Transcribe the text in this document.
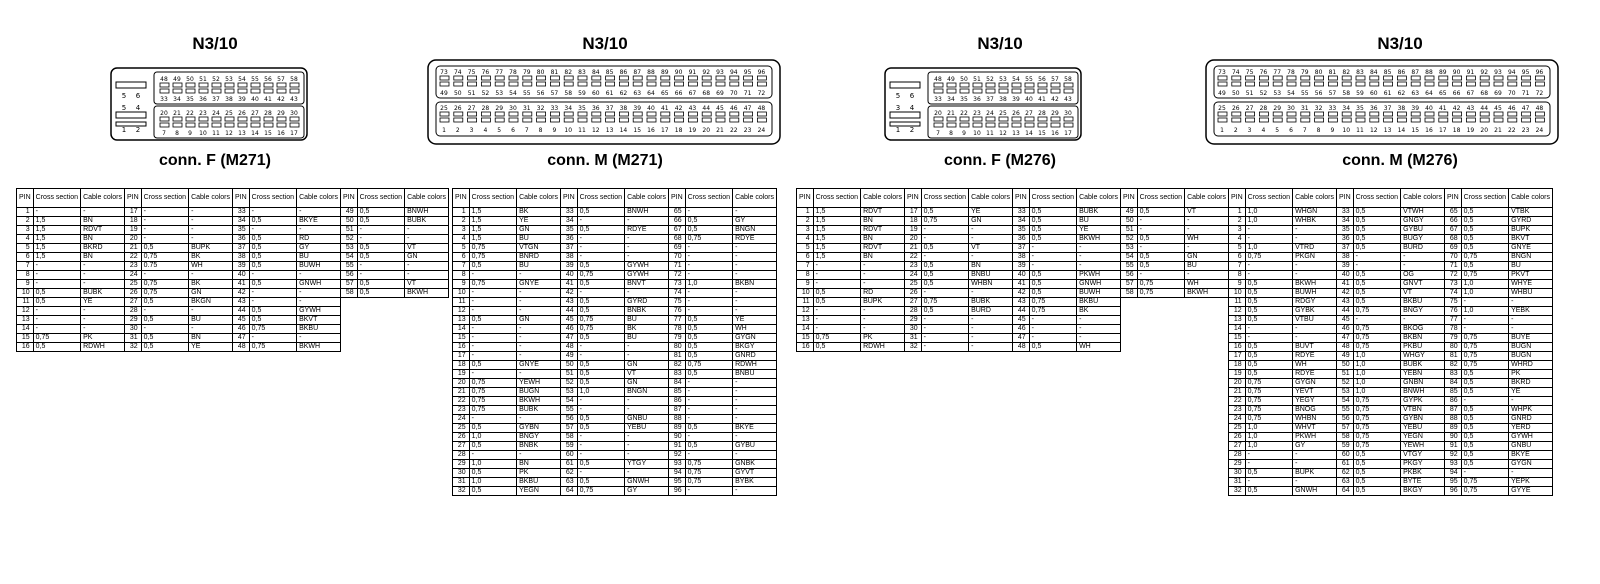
N3/10
5 6
5 4
1 2
48
33
49
34
50
35
51
36
52
37
53
38
54
39
55
40
56
41
57
42
58
43
20
7
21
8
22
9
23
10
24
11
25
12
26
13
27
14
28
15
29
16
30
17
conn. F (M271)
PIN	Cross section	Cable colors	PIN	Cross section	Cable colors	PIN	Cross section	Cable colors	PIN	Cross section	Cable colors
1	-	-	17	-	-	33	-	-	49	0,5	BNWH
2	1,5	BN	18	-	-	34	0,5	BKYE	50	0,5	BUBK
3	1,5	RDVT	19	-	-	35	-	-	51	-	-
4	1,5	BN	20	-	-	36	0,5	RD	52	-	-
5	1,5	BKRD	21	0,5	BUPK	37	0,5	GY	53	0,5	VT
6	1,5	BN	22	0,75	BK	38	0,5	BU	54	0,5	GN
7	-	-	23	0.75	WH	39	0,5	BUWH	55	-	-
8	-	-	24	-	-	40	-	-	56	-	-
9	-	-	25	0,75	BK	41	0,5	GNWH	57	0,5	VT
10	0,5	BUBK	26	0,75	GN	42	-	-	58	0,5	BKWH
11	0,5	YE	27	0,5	BKGN	43	-	-			
12	-	-	28	-	-	44	0,5	GYWH			
13	-	-	29	0,5	BU	45	0,5	BKVT			
14	-	-	30	-	-	46	0,75	BKBU			
15	0,75	PK	31	0,5	BN	47	-	-			
16	0,5	RDWH	32	0,5	YE	48	0,75	BKWH			
N3/10
73
49
25
1
74
50
26
2
75
51
27
3
76
52
28
4
77
53
29
5
78
54
30
6
79
55
31
7
80
56
32
8
81
57
33
9
82
58
34
10
83
59
35
11
84
60
36
12
85
61
37
13
86
62
38
14
87
63
39
15
88
64
40
16
89
65
41
17
90
66
42
18
91
67
43
19
92
68
44
20
93
69
45
21
94
70
46
22
95
71
47
23
96
72
48
24
conn. M (M271)
PIN	Cross section	Cable colors	PIN	Cross section	Cable colors	PIN	Cross section	Cable colors
1	1,5	BK	33	0,5	BNWH	65	-	-
2	1,5	YE	34	-	-	66	0,5	GY
3	1,5	GN	35	0,5	RDYE	67	0,5	BNGN
4	1,5	BU	36	-	-	68	0,75	RDYE
5	0,75	VTGN	37	-	-	69	-	-
6	0,75	BNRD	38	-	-	70	-	-
7	0,5	BU	39	0,5	GYWH	71	-	-
8	-	-	40	0,75	GYWH	72	-	-
9	0,75	GNYE	41	0,5	BNVT	73	1,0	BKBN
10	-	-	42	-	-	74	-	-
11	-	-	43	0,5	GYRD	75	-	-
12	-	-	44	0,5	BNBK	76	-	-
13	0,5	GN	45	0,75	BU	77	0,5	YE
14	-	-	46	0,75	BK	78	0,5	WH
15	-	-	47	0,5	BU	79	0,5	GYGN
16	-	-	48	-	-	80	0,5	BKGY
17	-	-	49	-	-	81	0,5	GNRD
18	0,5	GNYE	50	0,5	GN	82	0,75	RDWH
19	-	-	51	0,5	VT	83	0,5	BNBU
20	0,75	YEWH	52	0,5	GN	84	-	-
21	0,75	BUGN	53	1,0	BNGN	85	-	-
22	0,75	BKWH	54	-	-	86	-	-
23	0,75	BUBK	55	-	-	87	-	-
24	-	-	56	0,5	GNBU	88	-	-
25	0,5	GYBN	57	0,5	YEBU	89	0,5	BKYE
26	1,0	BNGY	58	-	-	90	-	-
27	0,5	BNBK	59	-	-	91	0,5	GYBU
28	-	-	60	-	-	92	-	-
29	1,0	BN	61	0,5	YTGY	93	0,75	GNBK
30	0,5	PK	62	-	-	94	0,75	GYVT
31	1,0	BKBU	63	0,5	GNWH	95	0,75	BYBK
32	0,5	YEGN	64	0,75	GY	96	-	-
N3/10
5 6
3 4
1 2
48
33
49
34
50
35
51
36
52
37
53
38
54
39
55
40
56
41
57
42
58
43
20
7
21
8
22
9
23
10
24
11
25
12
26
13
27
14
28
15
29
16
30
17
conn. F (M276)
PIN	Cross section	Cable colors	PIN	Cross section	Cable colors	PIN	Cross section	Cable colors	PIN	Cross section	Cable colors
1	1,5	RDVT	17	0,5	YE	33	0,5	BUBK	49	0,5	VT
2	1,5	BN	18	0,75	GN	34	0,5	BU	50	-	-
3	1,5	RDVT	19	-	-	35	0,5	YE	51	-	-
4	1,5	BN	20	-	-	36	0,5	BKWH	52	0,5	WH
5	1,5	RDVT	21	0,5	VT	37	-	-	53	-	-
6	1,5	BN	22	-	-	38	-	-	54	0,5	GN
7	-	-	23	0,5	BN	39	-	-	55	0,5	BU
8	-	-	24	0,5	BNBU	40	0,5	PKWH	56	-	-
9	-	-	25	0,5	WHBN	41	0,5	GNWH	57	0,75	WH
10	0,5	RD	26	-	-	42	0,5	BUWH	58	0,75	BKWH
11	0,5	BUPK	27	0,75	BUBK	43	0,75	BKBU			
12	-	-	28	0,5	BURD	44	0,75	BK			
13	-	-	29	-	-	45	-	-			
14	-	-	30	-	-	46	-	-			
15	0,75	PK	31	-	-	47	-	-			
16	0,5	RDWH	32	-	-	48	0,5	WH			
N3/10
73
49
25
1
74
50
26
2
75
51
27
3
76
52
28
4
77
53
29
5
78
54
30
6
79
55
31
7
80
56
32
8
81
57
33
9
82
58
34
10
83
59
35
11
84
60
36
12
85
61
37
13
86
62
38
14
87
63
39
15
88
64
40
16
89
65
41
17
90
66
42
18
91
67
43
19
92
68
44
20
93
69
45
21
94
70
46
22
95
71
47
23
96
72
48
24
conn. M (M276)
PIN	Cross section	Cable colors	PIN	Cross section	Cable colors	PIN	Cross section	Cable colors
1	1,0	WHGN	33	0,5	VTWH	65	0,5	VTBK
2	1,0	WHBK	34	0,5	GNGY	66	0,5	GYRD
3	-	-	35	0,5	GYBU	67	0,5	BUPK
4	-	-	36	0,5	BUGY	68	0,5	BKVT
5	1,0	VTRD	37	0,5	BURD	69	0,5	GNYE
6	0,75	PKGN	38	-	-	70	0,75	BNGN
7	-	-	39	-	-	71	0,5	BU
8	-	-	40	0,5	OG	72	0,75	PKVT
9	0,5	BKWH	41	0,5	GNVT	73	1,0	WHYE
10	0,5	BUWH	42	0,5	VT	74	1,0	WHBU
11	0,5	RDGY	43	0,5	BKBU	75	-	-
12	0,5	GYBK	44	0,75	BNGY	76	1,0	YEBK
13	0,5	VTBU	45	-	-	77	-	-
14	-	-	46	0,75	BKOG	78	-	-
15	-	-	47	0,75	BKBN	79	0,75	BUYE
16	0,5	BUVT	48	0,75	PKBU	80	0,75	BUGN
17	0,5	RDYE	49	1,0	WHGY	81	0,75	BUGN
18	0,5	WH	50	1,0	BUBK	82	0,75	WHRD
19	0,5	RDYE	51	1,0	YEBN	83	0,5	PK
20	0,75	GYGN	52	1,0	GNBN	84	0,5	BKRD
21	0,75	YEVT	53	1,0	BNWH	85	0,5	YE
22	0,75	YEGY	54	0,75	GYPK	86	-	-
23	0,75	BNOG	55	0,75	VTBN	87	0,5	WHPK
24	0,75	WHBN	56	0,75	GYBN	88	0,5	GNRD
25	1,0	WHVT	57	0,75	YEBU	89	0,5	YERD
26	1,0	PKWH	58	0,75	YEGN	90	0,5	GYWH
27	1,0	GY	59	0,75	YEWH	91	0,5	GNBU
28	-	-	60	0,5	VTGY	92	0,5	BKYE
29	-	-	61	0,5	PKGY	93	0,5	GYGN
30	0,5	BUPK	62	0,5	PKBK	94	-	-
31	-	-	63	0,5	BYTE	95	0,75	YEPK
32	0,5	GNWH	64	0,5	BKGY	96	0,75	GYYE
